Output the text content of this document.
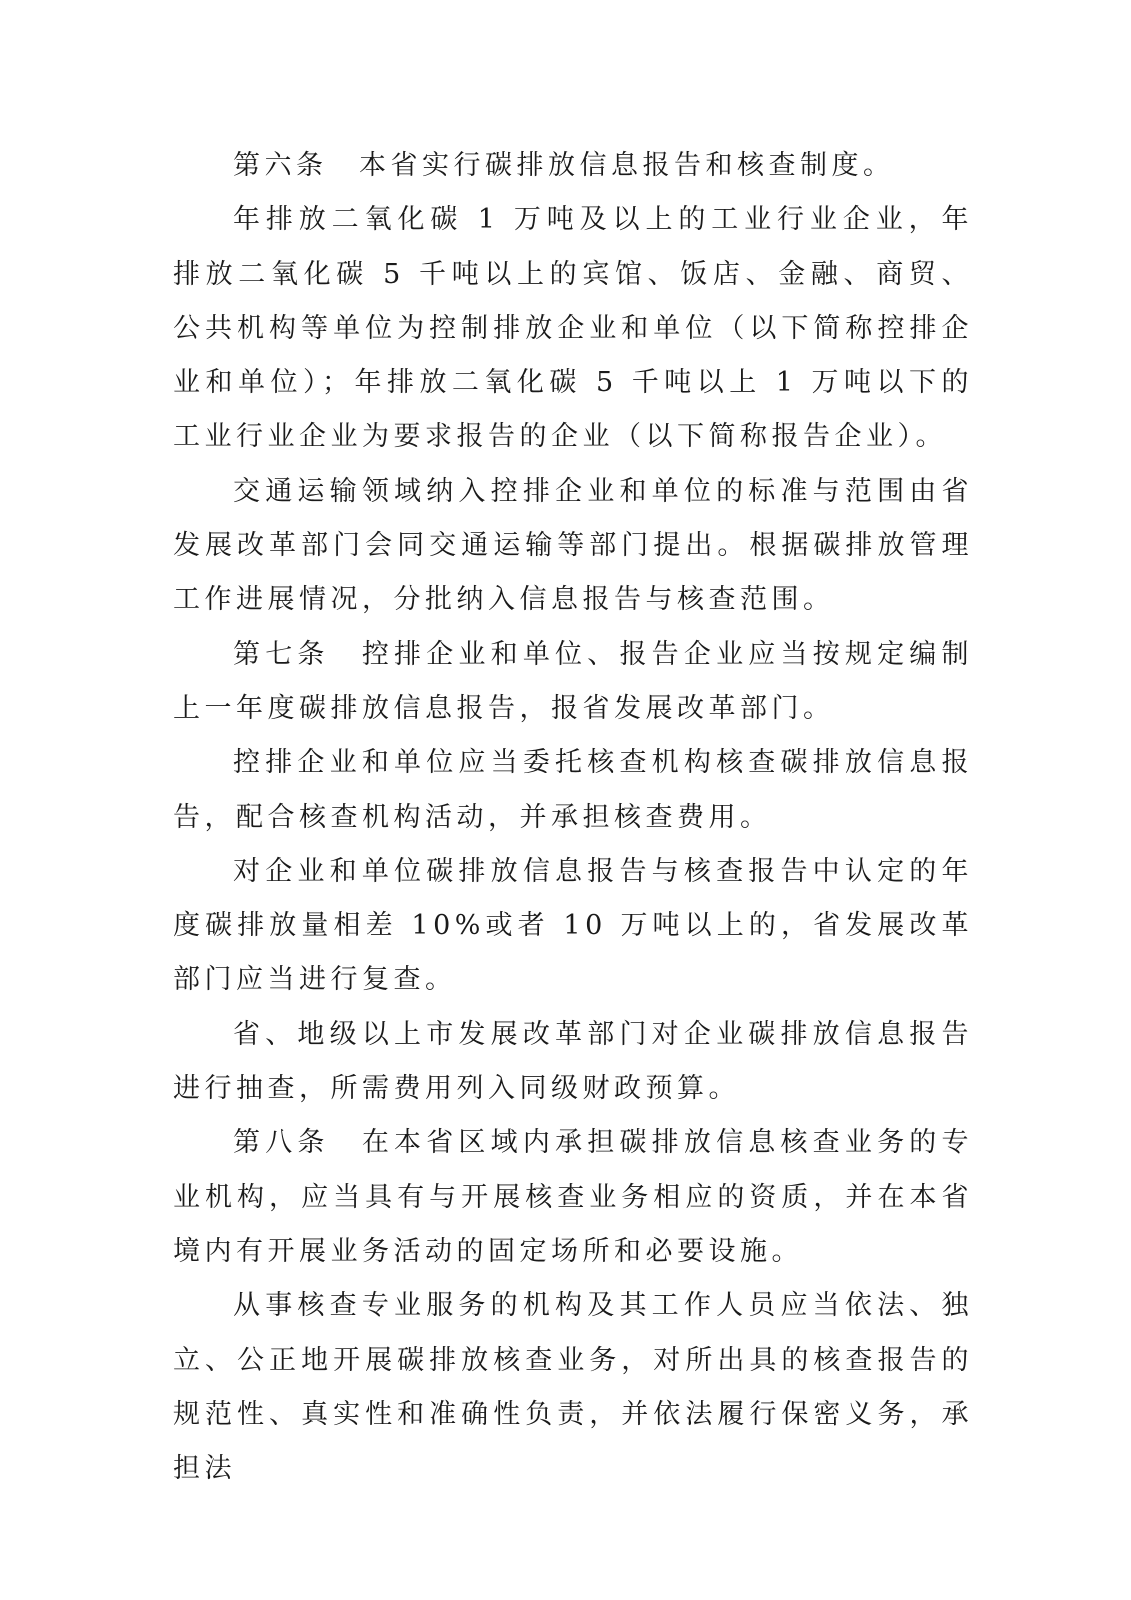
第六条　本省实行碳排放信息报告和核查制度。

年排放二氧化碳 1 万吨及以上的工业行业企业，年排放二氧化碳 5 千吨以上的宾馆、饭店、金融、商贸、公共机构等单位为控制排放企业和单位（以下简称控排企业和单位）；年排放二氧化碳 5 千吨以上 1 万吨以下的工业行业企业为要求报告的企业（以下简称报告企业）。

交通运输领域纳入控排企业和单位的标准与范围由省发展改革部门会同交通运输等部门提出。根据碳排放管理工作进展情况，分批纳入信息报告与核查范围。

第七条　控排企业和单位、报告企业应当按规定编制上一年度碳排放信息报告，报省发展改革部门。

控排企业和单位应当委托核查机构核查碳排放信息报告，配合核查机构活动，并承担核查费用。

对企业和单位碳排放信息报告与核查报告中认定的年度碳排放量相差 10%或者 10 万吨以上的，省发展改革部门应当进行复查。

省、地级以上市发展改革部门对企业碳排放信息报告进行抽查，所需费用列入同级财政预算。

第八条　在本省区域内承担碳排放信息核查业务的专业机构，应当具有与开展核查业务相应的资质，并在本省境内有开展业务活动的固定场所和必要设施。

从事核查专业服务的机构及其工作人员应当依法、独立、公正地开展碳排放核查业务，对所出具的核查报告的规范性、真实性和准确性负责，并依法履行保密义务，承担法
